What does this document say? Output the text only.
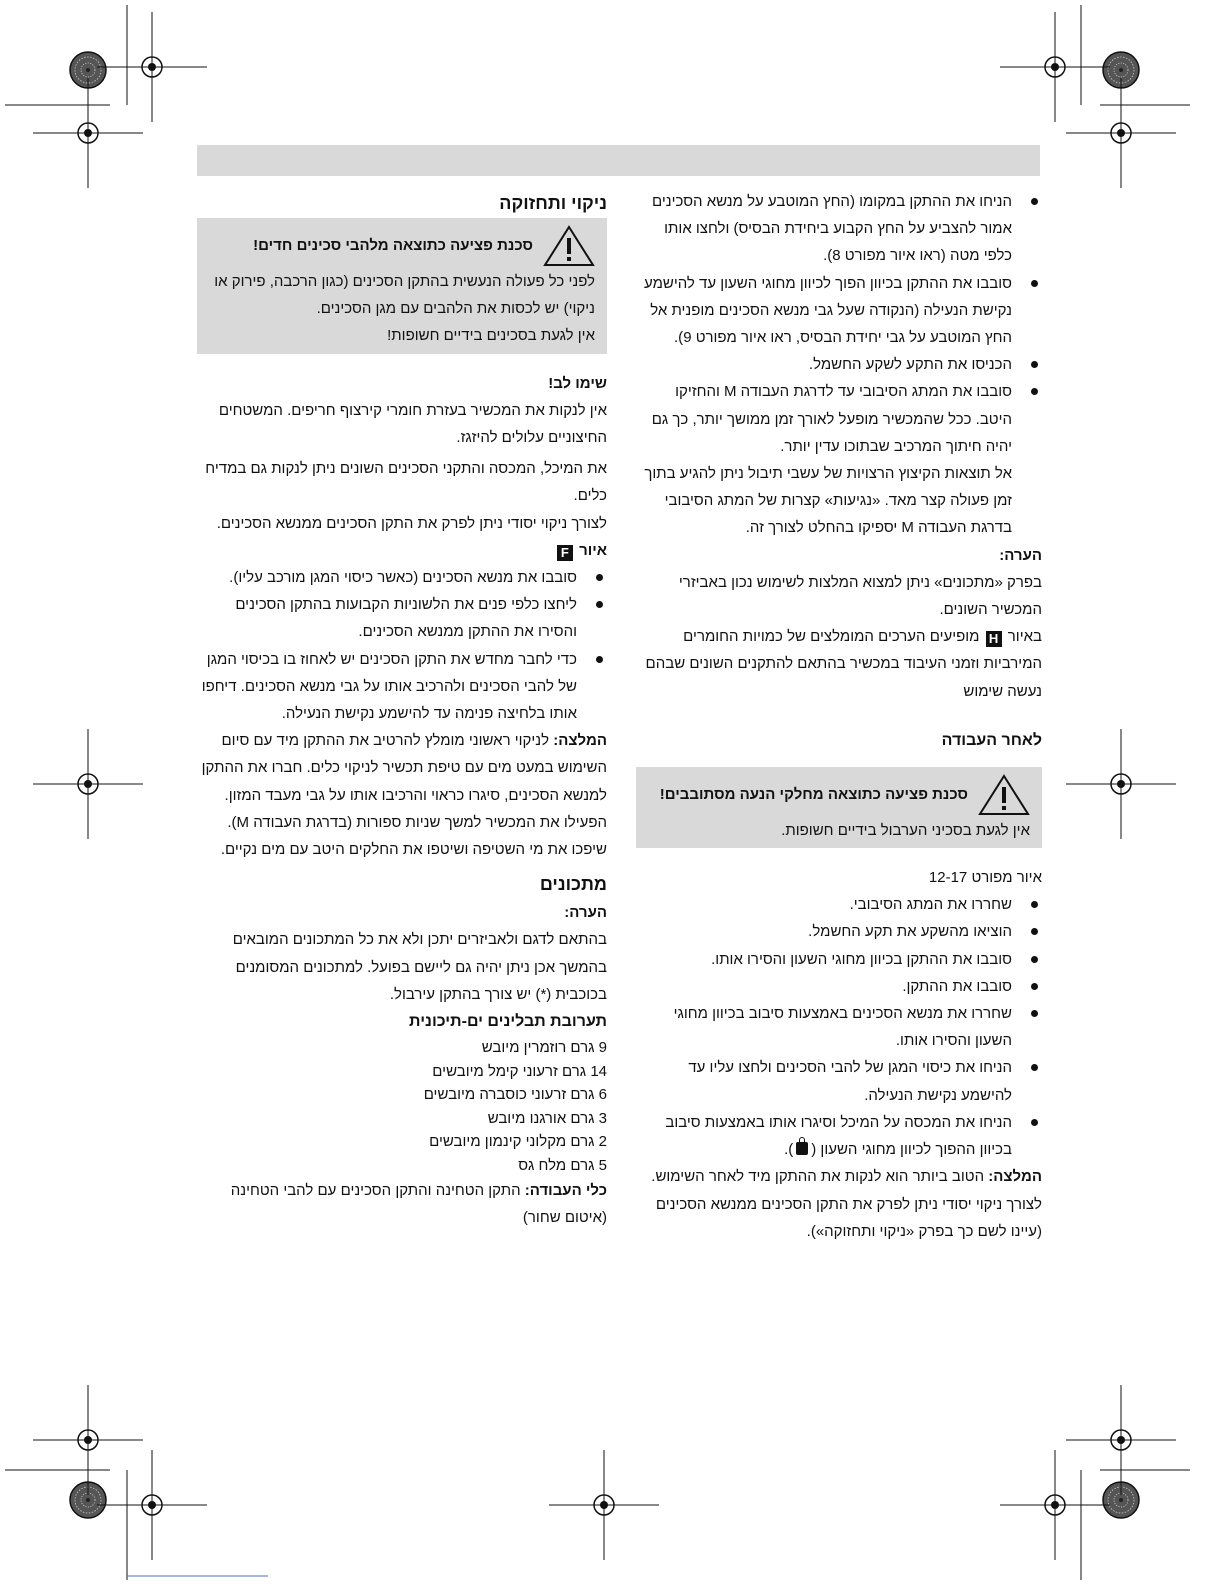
הניחו את ההתקן במקומו (החץ המוטבע על מנשא הסכינים אמור להצביע על החץ הקבוע ביחידת הבסיס) ולחצו אותו כלפי מטה (ראו איור מפורט 8).
סובבו את ההתקן בכיוון הפוך לכיוון מחוגי השעון עד להישמע נקישת הנעילה (הנקודה שעל גבי מנשא הסכינים מופנית אל החץ המוטבע על גבי יחידת הבסיס, ראו איור מפורט 9).
הכניסו את התקע לשקע החשמל.
סובבו את המתג הסיבובי עד לדרגת העבודה M והחזיקו היטב. ככל שהמכשיר מופעל לאורך זמן ממושך יותר, כך גם יהיה חיתוך המרכיב שבתוכו עדין יותר.

אל תוצאות הקיצוץ הרצויות של עשבי תיבול ניתן להגיע בתוך זמן פעולה קצר מאד. «נגיעות» קצרות של המתג הסיבובי בדרגת העבודה M יספיקו בהחלט לצורך זה.

הערה:

בפרק «מתכונים» ניתן למצוא המלצות לשימוש נכון באביזרי המכשיר השונים.

באיור H מופיעים הערכים המומלצים של כמויות החומרים המירביות וזמני העיבוד במכשיר בהתאם להתקנים השונים שבהם נעשה שימוש

לאחר העבודה

סכנת פציעה כתוצאה מחלקי הנעה מסתובבים!

אין לגעת בסכיני הערבול בידיים חשופות.

איור מפורט 12-17

שחררו את המתג הסיבובי.
הוציאו מהשקע את תקע החשמל.
סובבו את ההתקן בכיוון מחוגי השעון והסירו אותו.
סובבו את ההתקן.
שחררו את מנשא הסכינים באמצעות סיבוב בכיוון מחוגי השעון והסירו אותו.
הניחו את כיסוי המגן של להבי הסכינים ולחצו עליו עד להישמע נקישת הנעילה.
הניחו את המכסה על המיכל וסיגרו אותו באמצעות סיבוב בכיוון ההפוך לכיוון מחוגי השעון ().

המלצה: הטוב ביותר הוא לנקות את ההתקן מיד לאחר השימוש.

לצורך ניקוי יסודי ניתן לפרק את התקן הסכינים ממנשא הסכינים (עיינו לשם כך בפרק «ניקוי ותחזוקה»).

ניקוי ותחזוקה

סכנת פציעה כתוצאה מלהבי סכינים חדים!

לפני כל פעולה הנעשית בהתקן הסכינים (כגון הרכבה, פירוק או ניקוי) יש לכסות את הלהבים עם מגן הסכינים.

אין לגעת בסכינים בידיים חשופות!

שימו לב!

אין לנקות את המכשיר בעזרת חומרי קירצוף חריפים. המשטחים החיצוניים עלולים להיזגז.

את המיכל, המכסה והתקני הסכינים השונים ניתן לנקות גם במדיח כלים.

לצורך ניקוי יסודי ניתן לפרק את התקן הסכינים ממנשא הסכינים.

איור F

סובבו את מנשא הסכינים (כאשר כיסוי המגן מורכב עליו).
ליחצו כלפי פנים את הלשוניות הקבועות בהתקן הסכינים והסירו את ההתקן ממנשא הסכינים.
כדי לחבר מחדש את התקן הסכינים יש לאחוז בו בכיסוי המגן של להבי הסכינים ולהרכיב אותו על גבי מנשא הסכינים. דיחפו אותו בלחיצה פנימה עד להישמע נקישת הנעילה.

המלצה: לניקוי ראשוני מומלץ להרטיב את ההתקן מיד עם סיום השימוש במעט מים עם טיפת תכשיר לניקוי כלים. חברו את ההתקן למנשא הסכינים, סיגרו כראוי והרכיבו אותו על גבי מעבד המזון. הפעילו את המכשיר למשך שניות ספורות (בדרגת העבודה M). שיפכו את מי השטיפה ושיטפו את החלקים היטב עם מים נקיים.

מתכונים

הערה:

בהתאם לדגם ולאביזרים יתכן ולא את כל המתכונים המובאים בהמשך אכן ניתן יהיה גם ליישם בפועל. למתכונים המסומנים בכוכבית (*) יש צורך בהתקן עירבול.

תערובת תבלינים ים-תיכונית

9 גרם רוזמרין מיובש

14 גרם זרעוני קימל מיובשים

6 גרם זרעוני כוסברה מיובשים

3 גרם אורגנו מיובש

2 גרם מקלוני קינמון מיובשים

5 גרם מלח גס

כלי העבודה: התקן הטחינה והתקן הסכינים עם להבי הטחינה (איטום שחור)
